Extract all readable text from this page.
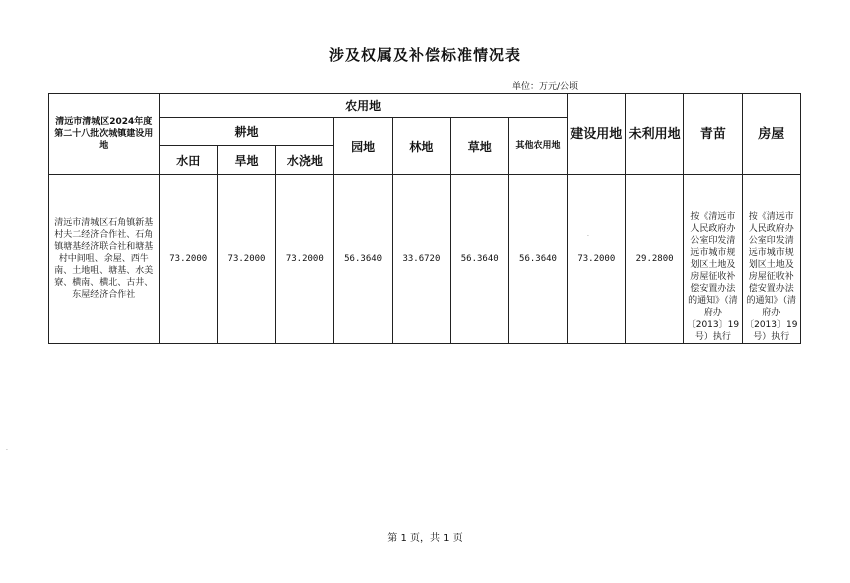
涉及权属及补偿标准情况表
单位：万元/公顷
清远市清城区2024年度第二十八批次城镇建设用地	农用地							建设用地	未利用地	青苗	房屋
	耕地			园地	林地	草地	其他农用地				
	水田	旱地	水浇地								
清远市清城区石角镇新基村夫二经济合作社、石角镇塘基经济联合社和塘基村中间咀、余屋、西牛南、土地咀、塘基、水美寮、横南、横北、古井、东屋经济合作社	73.2000	73.2000	73.2000	56.3640	33.6720	56.3640	56.3640	73.2000	29.2800	按《清远市人民政府办公室印发清远市城市规划区土地及房屋征收补偿安置办法的通知》（清府办〔2013〕19号）执行	按《清远市人民政府办公室印发清远市城市规划区土地及房屋征收补偿安置办法的通知》（清府办〔2013〕19号）执行
第 1 页，共 1 页
·
·
